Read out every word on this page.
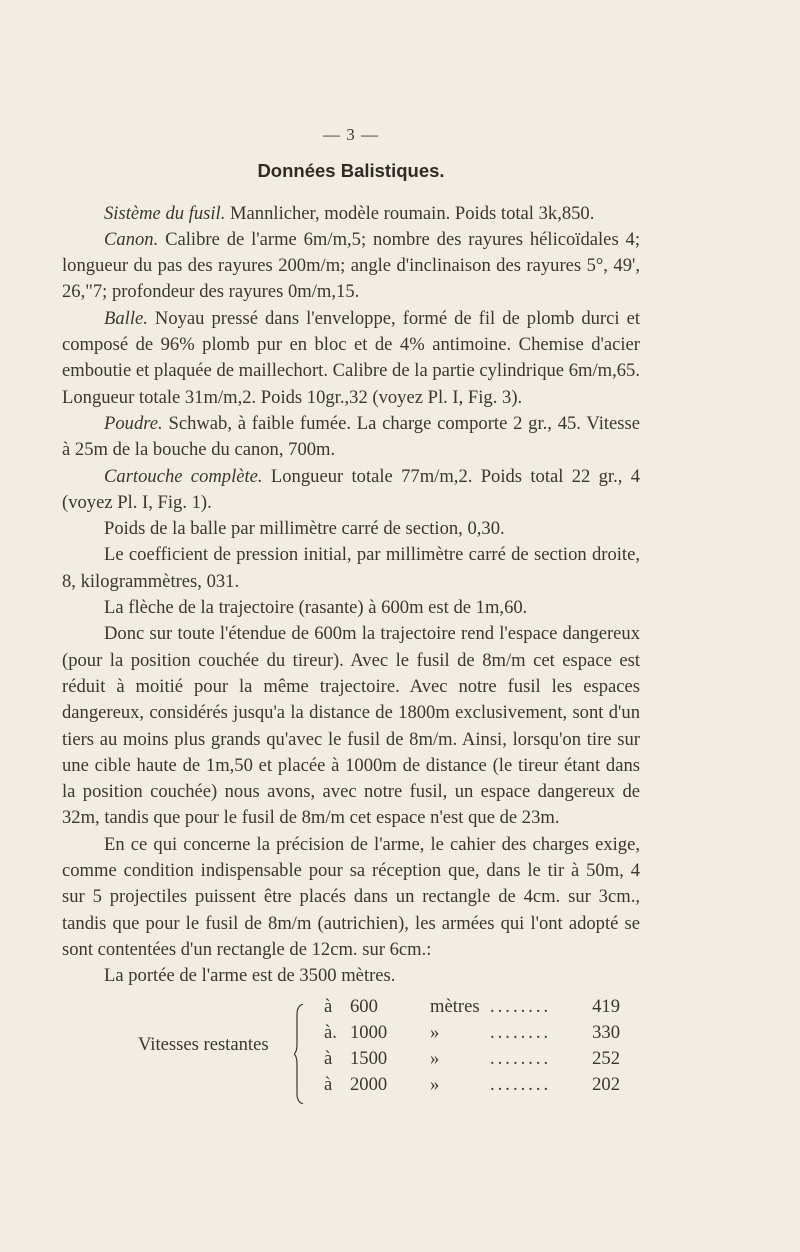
— 3 —
Données Balistiques.

Sistème du fusil. Mannlicher, modèle roumain. Poids total 3k,850.

Canon. Calibre de l'arme 6m/m,5; nombre des rayures hélicoïdales 4; longueur du pas des rayures 200m/m; angle d'inclinaison des rayures 5°, 49', 26,"7; profondeur des rayures 0m/m,15.

Balle. Noyau pressé dans l'enveloppe, formé de fil de plomb durci et composé de 96% plomb pur en bloc et de 4% antimoine. Chemise d'acier emboutie et plaquée de maillechort. Calibre de la partie cylindrique 6m/m,65. Longueur totale 31m/m,2. Poids 10gr.,32 (voyez Pl. I, Fig. 3).

Poudre. Schwab, à faible fumée. La charge comporte 2 gr., 45. Vitesse à 25m de la bouche du canon, 700m.

Cartouche complète. Longueur totale 77m/m,2. Poids total 22 gr., 4 (voyez Pl. I, Fig. 1).

Poids de la balle par millimètre carré de section, 0,30.

Le coefficient de pression initial, par millimètre carré de section droite, 8, kilogrammètres, 031.

La flèche de la trajectoire (rasante) à 600m est de 1m,60.

Donc sur toute l'étendue de 600m la trajectoire rend l'espace dangereux (pour la position couchée du tireur). Avec le fusil de 8m/m cet espace est réduit à moitié pour la même trajectoire. Avec notre fusil les espaces dangereux, considérés jusqu'a la distance de 1800m exclusivement, sont d'un tiers au moins plus grands qu'avec le fusil de 8m/m. Ainsi, lorsqu'on tire sur une cible haute de 1m,50 et placée à 1000m de distance (le tireur étant dans la position couchée) nous avons, avec notre fusil, un espace dangereux de 32m, tandis que pour le fusil de 8m/m cet espace n'est que de 23m.

En ce qui concerne la précision de l'arme, le cahier des charges exige, comme condition indispensable pour sa réception que, dans le tir à 50m, 4 sur 5 projectiles puissent être placés dans un rectangle de 4cm. sur 3cm., tandis que pour le fusil de 8m/m (autrichien), les armées qui l'ont adopté se sont contentées d'un rectangle de 12cm. sur 6cm.:

La portée de l'arme est de 3500 mètres.

Vitesses restantes
à 600	mètres ........	419
à. 1000	»	........	330
à 1500	»	........	252
à 2000	»	........	202
